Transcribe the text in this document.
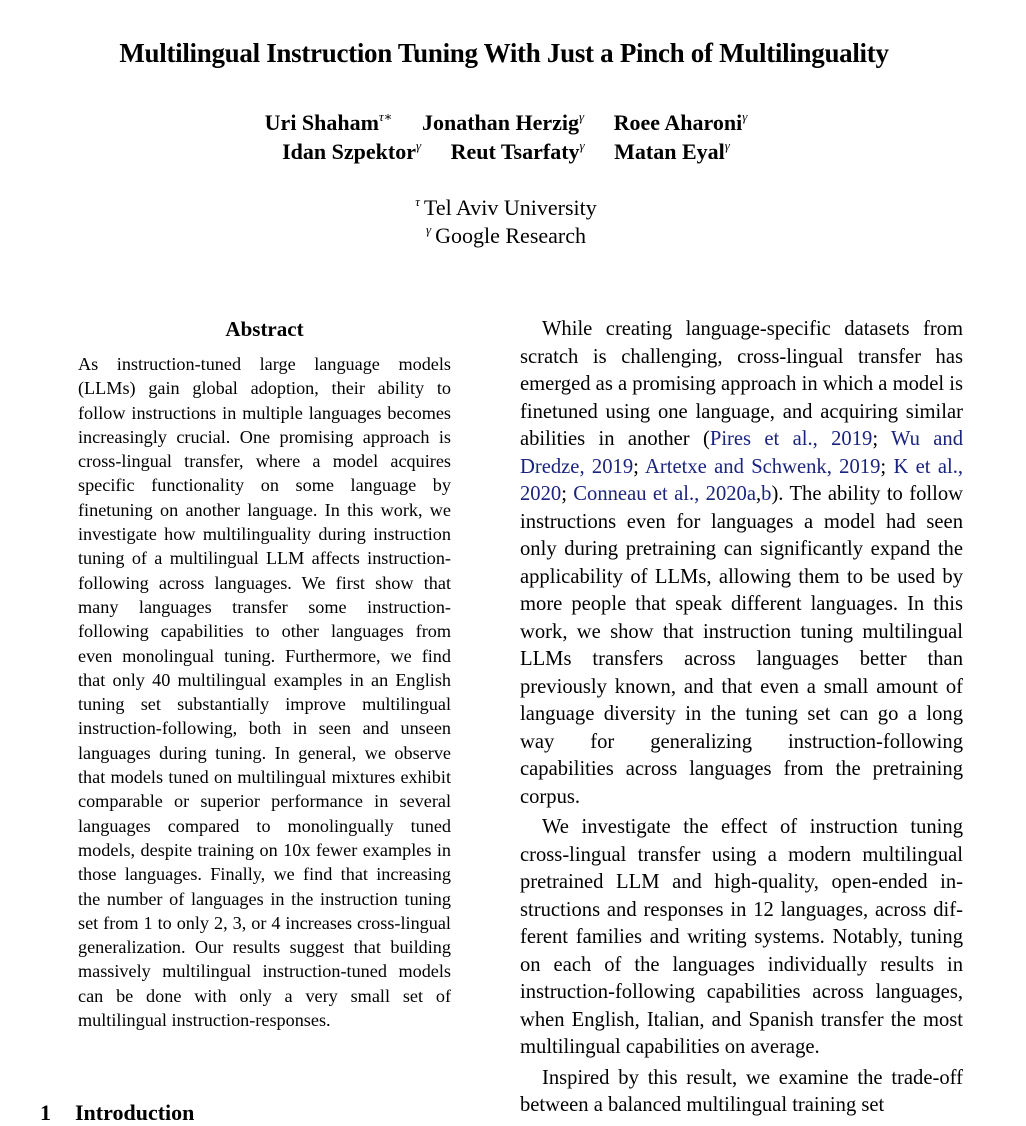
Multilingual Instruction Tuning With Just a Pinch of Multilinguality
Uri Shaham$^{\tau∗}$ Jonathan Herzig$^\gamma$ Roee Aharoni$^\gamma$
Idan Szpektor$^\gamma$ Reut Tsarfaty$^\gamma$ Matan Eyal$^\gamma$
$^\tau$ Tel Aviv University
$^\gamma$ Google Research
Abstract

As instruction-tuned large language models (LLMs) gain global adoption, their ability to follow instructions in multiple languages becomes increasingly crucial. One promising approach is cross-lingual transfer, where a model acquires specific functionality on some language by finetuning on another language. In this work, we investigate how multilinguality during instruction tuning of a multilingual LLM affects instruction-following across languages. We first show that many languages transfer some instruction-following capabilities to other languages from even monolingual tuning. Furthermore, we find that only 40 multilingual examples in an English tuning set substantially improve multilingual instruction-following, both in seen and unseen languages during tuning. In general, we observe that models tuned on multilingual mixtures exhibit comparable or superior performance in several languages compared to monolingually tuned models, despite training on 10x fewer examples in those languages. Finally, we find that increasing the number of languages in the instruction tuning set from 1 to only 2, 3, or 4 increases cross-lingual generalization. Our results suggest that building massively multilingual instruction-tuned models can be done with only a very small set of multilingual instruction-responses.

1 Introduction

While creating language-specific datasets from scratch is challenging, cross-lingual transfer has emerged as a promising approach in which a model is finetuned using one language, and acquiring similar abilities in another (Pires et al., 2019; Wu and Dredze, 2019; Artetxe and Schwenk, 2019; K et al., 2020; Conneau et al., 2020a,b). The ability to follow instructions even for languages a model had seen only during pretraining can significantly expand the applicability of LLMs, allowing them to be used by more people that speak different languages. In this work, we show that instruction tuning multilingual LLMs transfers across languages better than previously known, and that even a small amount of language diversity in the tuning set can go a long way for generalizing instruction-following capabilities across languages from the pretraining corpus.

We investigate the effect of instruction tuning cross-lingual transfer using a modern multilingual pretrained LLM and high-quality, open-ended instructions and responses in 12 languages, across different families and writing systems. Notably, tuning on each of the languages individually results in instruction-following capabilities across languages, when English, Italian, and Spanish transfer the most multilingual capabilities on average.

Inspired by this result, we examine the trade-off between a balanced multilingual training set
